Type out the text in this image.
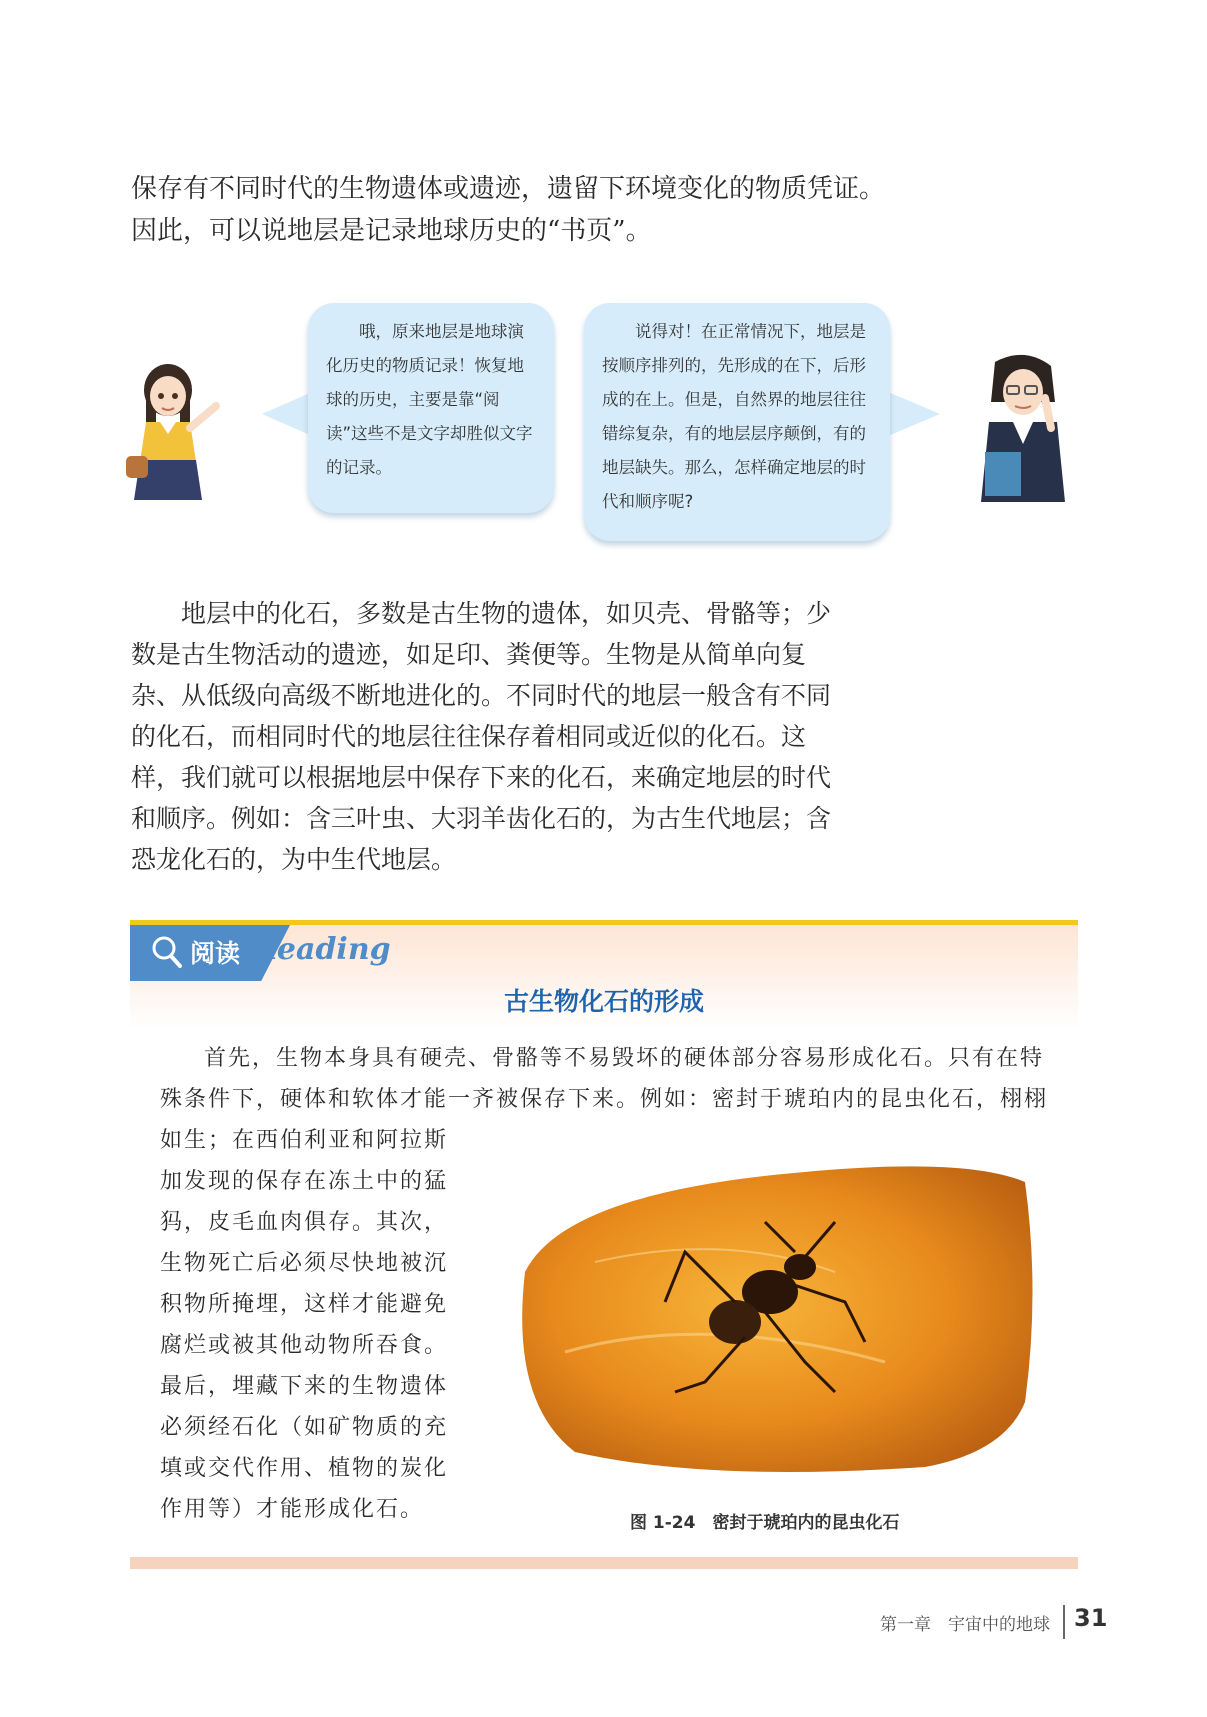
保存有不同时代的生物遗体或遗迹，遗留下环境变化的物质凭证。

因此，可以说地层是记录地球历史的“书页”。

哦，原来地层是地球演化历史的物质记录！恢复地球的历史，主要是靠“阅读”这些不是文字却胜似文字的记录。
说得对！在正常情况下，地层是按顺序排列的，先形成的在下，后形成的在上。但是，自然界的地层往往错综复杂，有的地层层序颠倒，有的地层缺失。那么，怎样确定地层的时代和顺序呢?

地层中的化石，多数是古生物的遗体，如贝壳、骨骼等；少数是古生物活动的遗迹，如足印、粪便等。生物是从简单向复杂、从低级向高级不断地进化的。不同时代的地层一般含有不同的化石，而相同时代的地层往往保存着相同或近似的化石。这样，我们就可以根据地层中保存下来的化石，来确定地层的时代和顺序。例如：含三叶虫、大羽羊齿化石的，为古生代地层；含恐龙化石的，为中生代地层。

阅读 Reading
古生物化石的形成

首先，生物本身具有硬壳、骨骼等不易毁坏的硬体部分容易形成化石。只有在特殊条件下，硬体和软体才能一齐被保存下来。例如：密封于琥珀内的昆虫化石，栩栩

如生；在西伯利亚和阿拉斯加发现的保存在冻土中的猛犸，皮毛血肉俱存。其次，生物死亡后必须尽快地被沉积物所掩埋，这样才能避免腐烂或被其他动物所吞食。最后，埋藏下来的生物遗体必须经石化（如矿物质的充填或交代作用、植物的炭化作用等）才能形成化石。

图 1-24　密封于琥珀内的昆虫化石
第一章　宇宙中的地球 31
